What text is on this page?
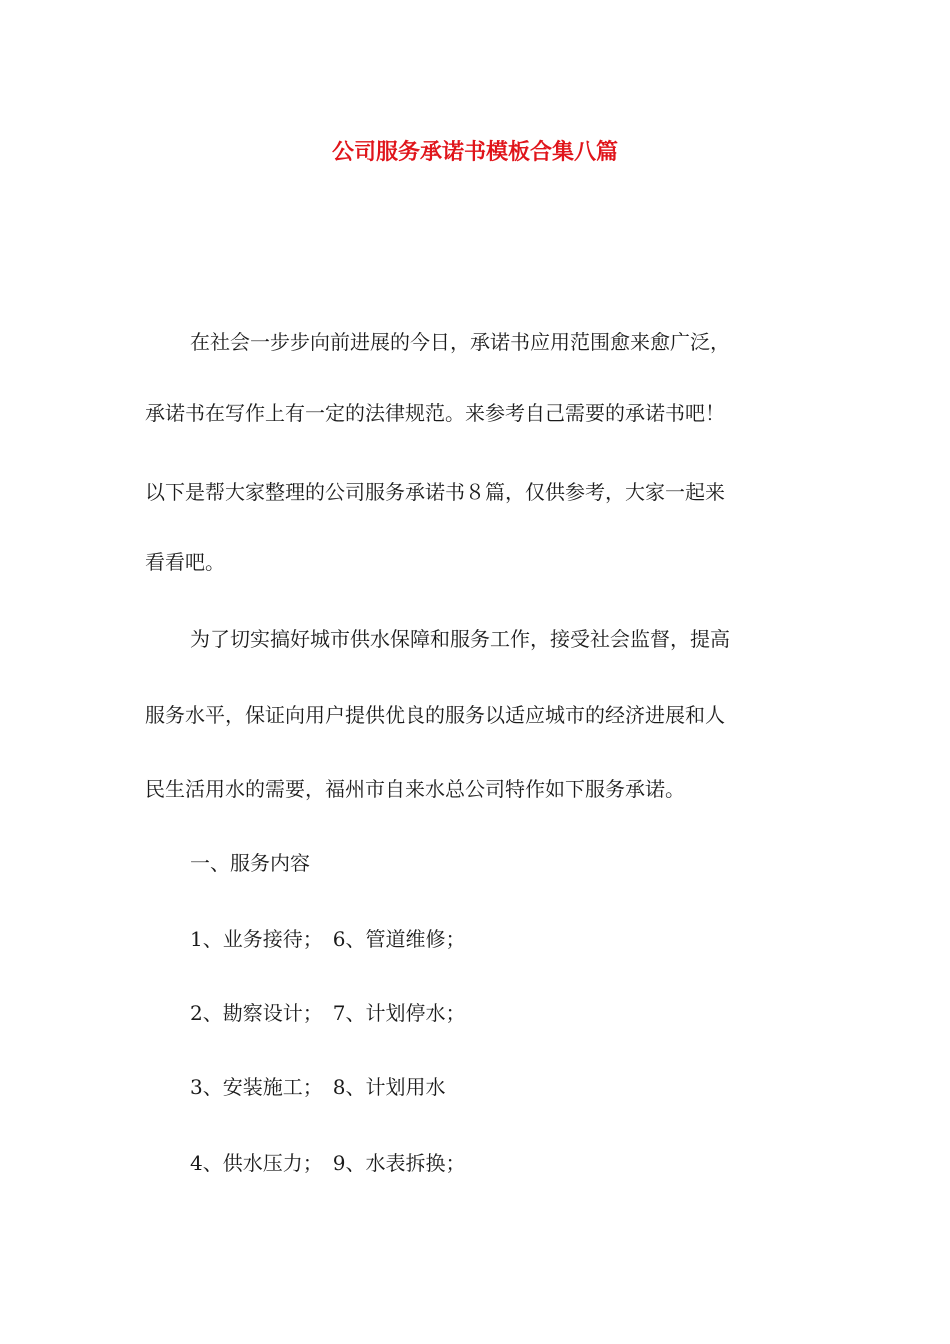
公司服务承诺书模板合集八篇

在社会一步步向前进展的今日，承诺书应用范围愈来愈广泛，

承诺书在写作上有一定的法律规范。来参考自己需要的承诺书吧！

以下是帮大家整理的公司服务承诺书８篇，仅供参考，大家一起来

看看吧。

为了切实搞好城市供水保障和服务工作，接受社会监督，提高

服务水平，保证向用户提供优良的服务以适应城市的经济进展和人

民生活用水的需要，福州市自来水总公司特作如下服务承诺。

一、服务内容

1、业务接待；　6、管道维修；

2、勘察设计；　7、计划停水；

3、安装施工；　8、计划用水

4、供水压力；　9、水表拆换；
